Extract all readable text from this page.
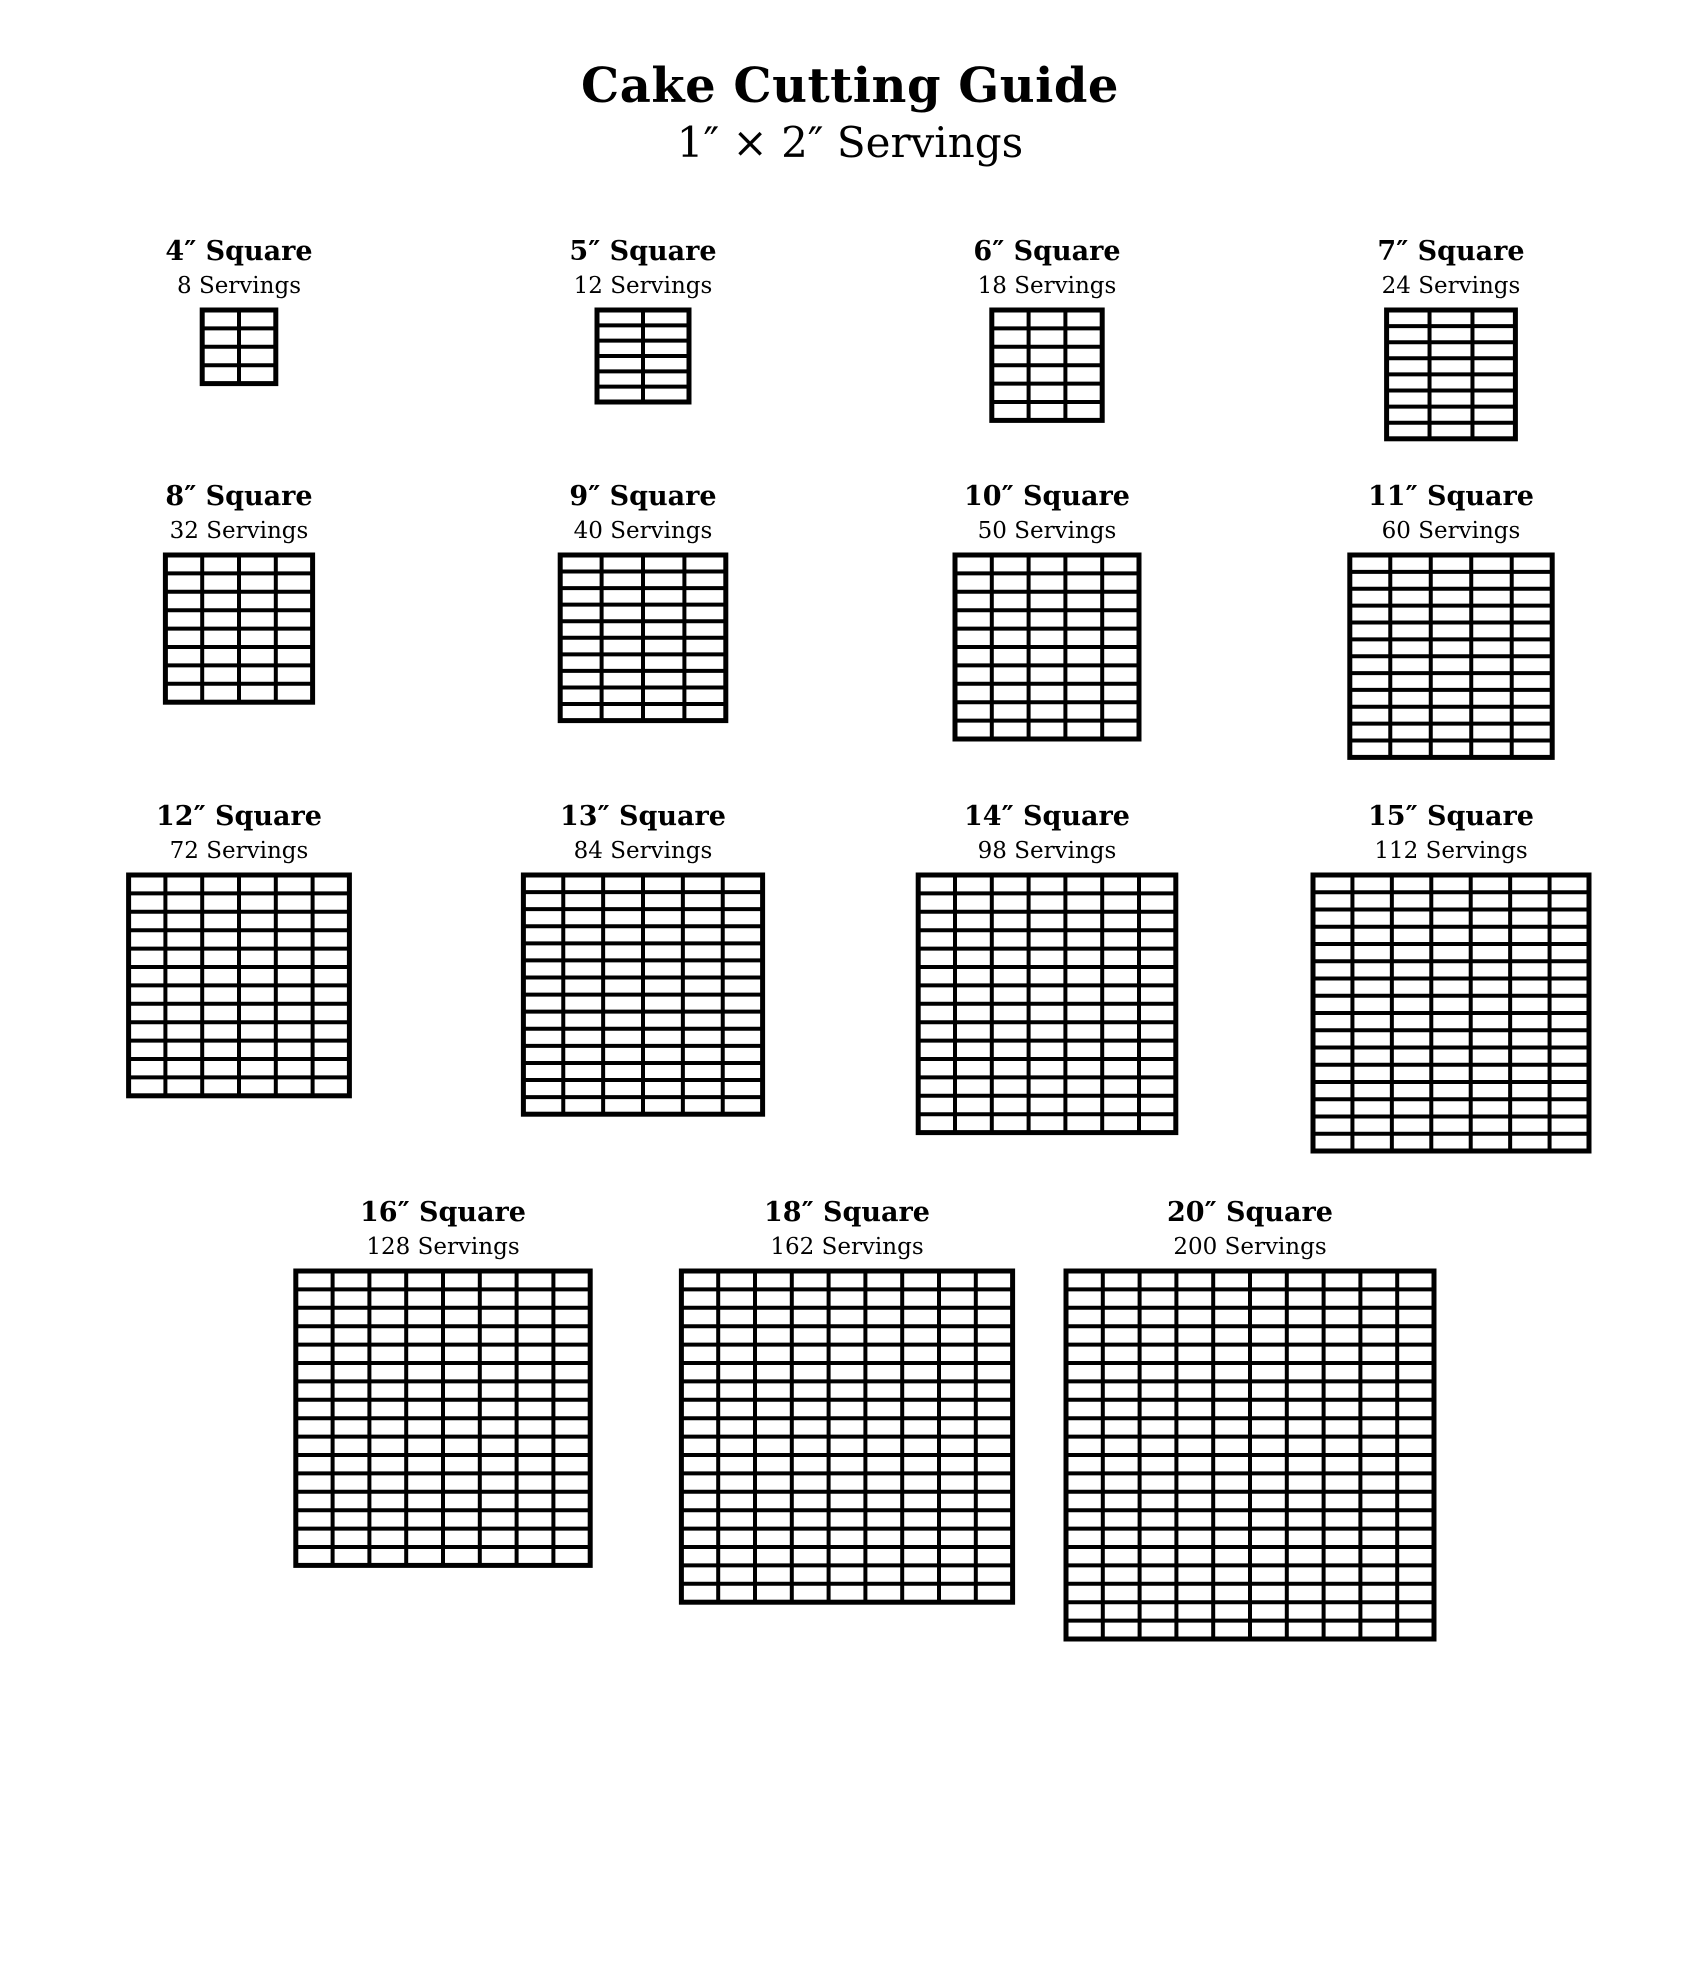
Cake Cutting Guide
1″ × 2″ Servings
4″ Square
8 Servings
5″ Square
12 Servings
6″ Square
18 Servings
7″ Square
24 Servings
8″ Square
32 Servings
9″ Square
40 Servings
10″ Square
50 Servings
11″ Square
60 Servings
12″ Square
72 Servings
13″ Square
84 Servings
14″ Square
98 Servings
15″ Square
112 Servings
16″ Square
128 Servings
18″ Square
162 Servings
20″ Square
200 Servings
